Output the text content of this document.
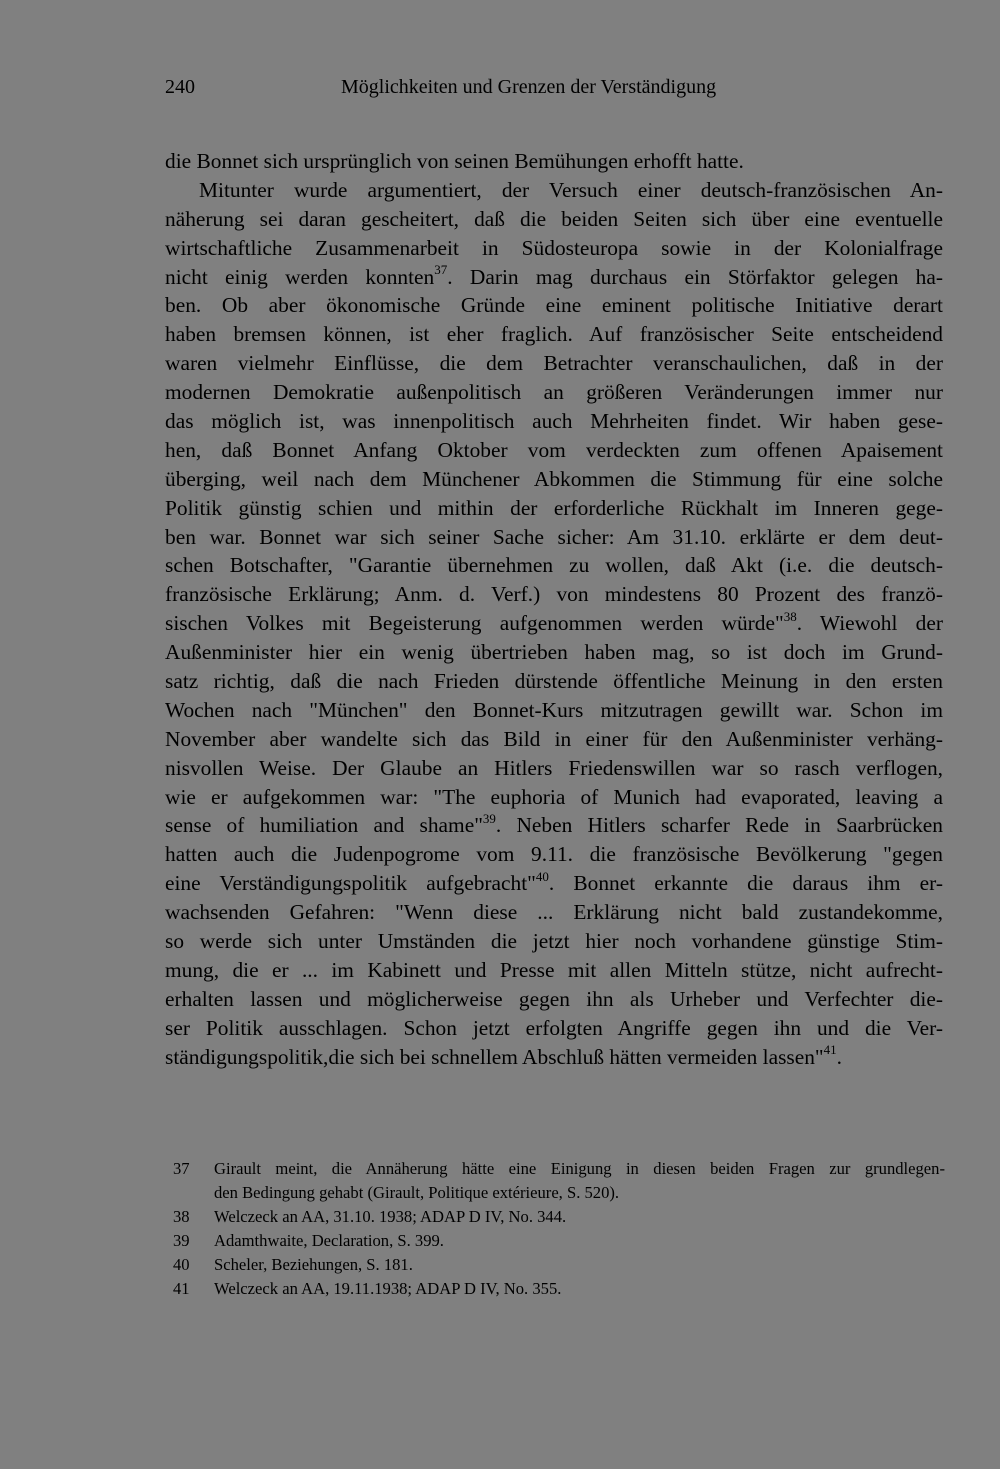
240	Möglichkeiten und Grenzen der Verständigung
die Bonnet sich ursprünglich von seinen Bemühungen erhofft hatte.
Mitunter wurde argumentiert, der Versuch einer deutsch-französischen An-
näherung sei daran gescheitert, daß die beiden Seiten sich über eine eventuelle
wirtschaftliche Zusammenarbeit in Südosteuropa sowie in der Kolonialfrage
nicht einig werden konnten$^{37}$. Darin mag durchaus ein Störfaktor gelegen ha-
ben. Ob aber ökonomische Gründe eine eminent politische Initiative derart
haben bremsen können, ist eher fraglich. Auf französischer Seite entscheidend
waren vielmehr Einflüsse, die dem Betrachter veranschaulichen, daß in der
modernen Demokratie außenpolitisch an größeren Veränderungen immer nur
das möglich ist, was innenpolitisch auch Mehrheiten findet. Wir haben gese-
hen, daß Bonnet Anfang Oktober vom verdeckten zum offenen Apaisement
überging, weil nach dem Münchener Abkommen die Stimmung für eine solche
Politik günstig schien und mithin der erforderliche Rückhalt im Inneren gege-
ben war. Bonnet war sich seiner Sache sicher: Am 31.10. erklärte er dem deut-
schen Botschafter, "Garantie übernehmen zu wollen, daß Akt (i.e. die deutsch-
französische Erklärung; Anm. d. Verf.) von mindestens 80 Prozent des franzö-
sischen Volkes mit Begeisterung aufgenommen werden würde"$^{38}$. Wiewohl der
Außenminister hier ein wenig übertrieben haben mag, so ist doch im Grund-
satz richtig, daß die nach Frieden dürstende öffentliche Meinung in den ersten
Wochen nach "München" den Bonnet-Kurs mitzutragen gewillt war. Schon im
November aber wandelte sich das Bild in einer für den Außenminister verhäng-
nisvollen Weise. Der Glaube an Hitlers Friedenswillen war so rasch verflogen,
wie er aufgekommen war: "The euphoria of Munich had evaporated, leaving a
sense of humiliation and shame"$^{39}$. Neben Hitlers scharfer Rede in Saarbrücken
hatten auch die Judenpogrome vom 9.11. die französische Bevölkerung "gegen
eine Verständigungspolitik aufgebracht"$^{40}$. Bonnet erkannte die daraus ihm er-
wachsenden Gefahren: "Wenn diese ... Erklärung nicht bald zustandekomme,
so werde sich unter Umständen die jetzt hier noch vorhandene günstige Stim-
mung, die er ... im Kabinett und Presse mit allen Mitteln stütze, nicht aufrecht-
erhalten lassen und möglicherweise gegen ihn als Urheber und Verfechter die-
ser Politik ausschlagen. Schon jetzt erfolgten Angriffe gegen ihn und die Ver-
ständigungspolitik,die sich bei schnellem Abschluß hätten vermeiden lassen"$^{41}$.
37 Girault meint, die Annäherung hätte eine Einigung in diesen beiden Fragen zur grundlegen-
den Bedingung gehabt (Girault, Politique extérieure, S. 520).
38 Welczeck an AA, 31.10. 1938; ADAP D IV, No. 344.
39 Adamthwaite, Declaration, S. 399.
40 Scheler, Beziehungen, S. 181.
41 Welczeck an AA, 19.11.1938; ADAP D IV, No. 355.
